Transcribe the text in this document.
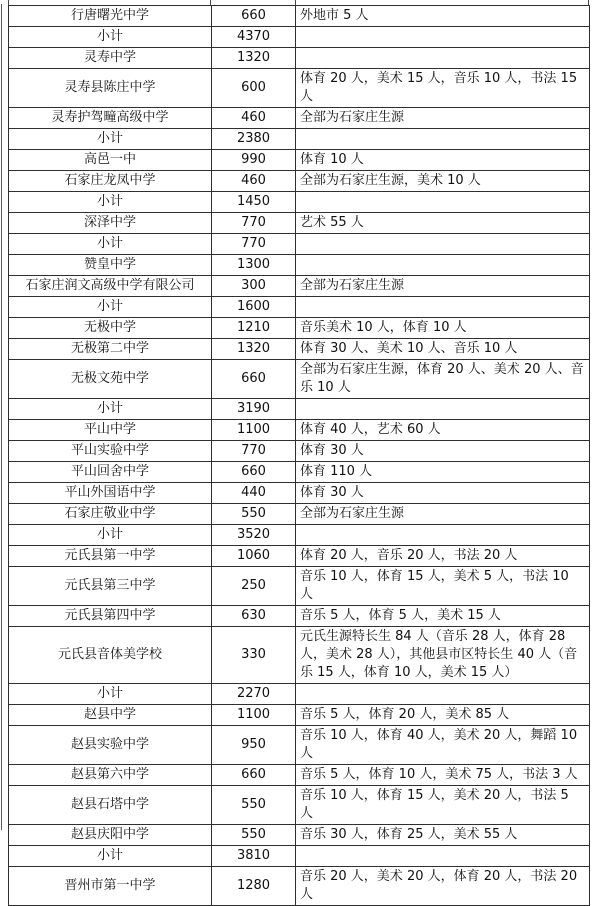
行唐曙光中学	660	外地市 5 人
小计	4370	
灵寿中学	1320	
灵寿县陈庄中学	600	体育 20 人，美术 15 人，音乐 10 人，书法 15 人
灵寿护驾疃高级中学	460	全部为石家庄生源
小计	2380	
高邑一中	990	体育 10 人
石家庄龙凤中学	460	全部为石家庄生源，美术 10 人
小计	1450	
深泽中学	770	艺术 55 人
小计	770	
赞皇中学	1300	
石家庄润文高级中学有限公司	300	全部为石家庄生源
小计	1600	
无极中学	1210	音乐美术 10 人，体育 10 人
无极第二中学	1320	体育 30 人、美术 10 人、音乐 10 人
无极文苑中学	660	全部为石家庄生源，体育 20 人、美术 20 人、音乐 10 人
小计	3190	
平山中学	1100	体育 40 人，艺术 60 人
平山实验中学	770	体育 30 人
平山回舍中学	660	体育 110 人
平山外国语中学	440	体育 30 人
石家庄敬业中学	550	全部为石家庄生源
小计	3520	
元氏县第一中学	1060	体育 20 人，音乐 20 人，书法 20 人
元氏县第三中学	250	音乐 10 人，体育 15 人，美术 5 人，书法 10 人
元氏县第四中学	630	音乐 5 人，体育 5 人，美术 15 人
元氏县音体美学校	330	元氏生源特长生 84 人（音乐 28 人，体育 28 人，美术 28 人），其他县市区特长生 40 人（音乐 15 人，体育 10 人，美术 15 人）
小计	2270	
赵县中学	1100	音乐 5 人，体育 20 人，美术 85 人
赵县实验中学	950	音乐 10 人，体育 40 人，美术 20 人，舞蹈 10 人
赵县第六中学	660	音乐 5 人，体育 10 人，美术 75 人，书法 3 人
赵县石塔中学	550	音乐 10 人，体育 15 人，美术 20 人，书法 5 人
赵县庆阳中学	550	音乐 30 人，体育 25 人，美术 55 人
小计	3810	
晋州市第一中学	1280	音乐 20 人，美术 20 人，体育 20 人，书法 20 人
